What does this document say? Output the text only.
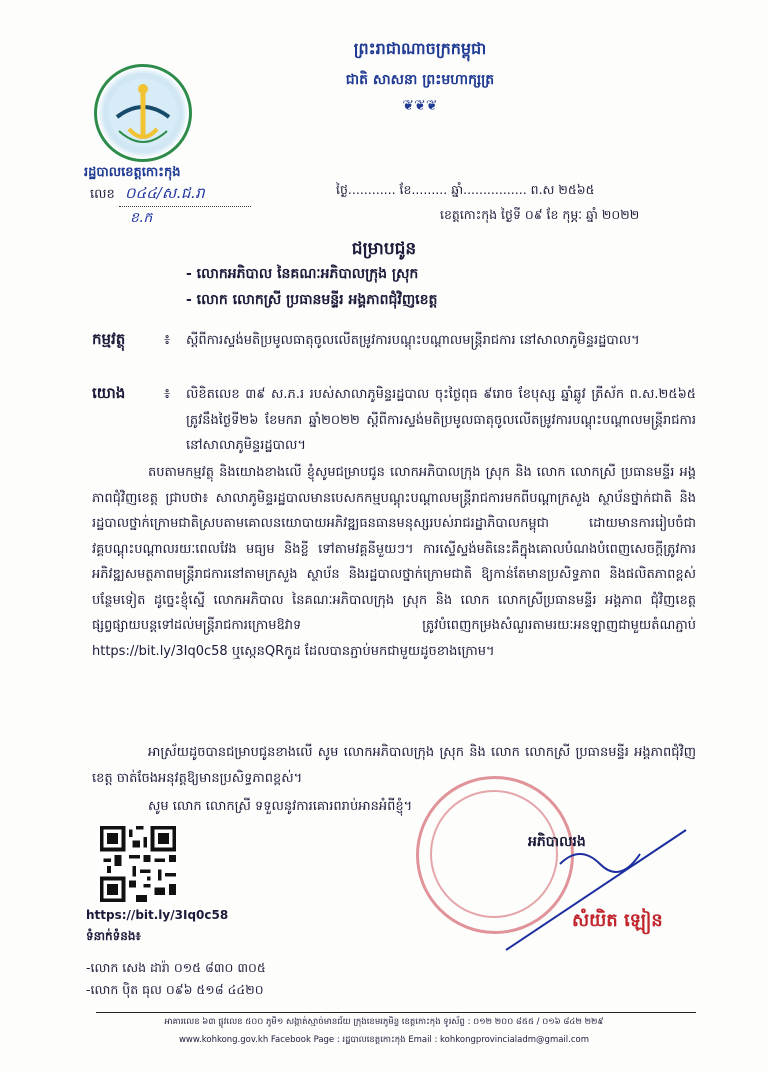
ព្រះរាជាណាចក្រកម្ពុជា
ជាតិ សាសនា ព្រះមហាក្សត្រ
❦❦❦
រដ្ឋបាលខេត្តកោះកុង
លេខ ០៤៤/ស.ជ.រា
ខ.ក
ថ្ងៃ............ ខែ......... ឆ្នាំ................ ព.ស ២៥៦៥
ខេត្តកោះកុង ថ្ងៃទី ០៩ ខែ កុម្ភៈ ឆ្នាំ ២០២២
ជម្រាបជូន
- លោកអភិបាល នៃគណៈអភិបាលក្រុង ស្រុក
- លោក លោកស្រី ប្រធានមន្ទីរ អង្គភាពជុំវិញខេត្ត
កម្មវត្ថុ	៖ ស្តីពីការស្ទង់មតិប្រមូលធាតុចូលលើតម្រូវការបណ្តុះបណ្តាលមន្ត្រីរាជការ នៅសាលាភូមិន្ទរដ្ឋបាល។
យោង	៖ លិខិតលេខ ៣៩ ស.ភ.រ របស់សាលាភូមិន្ទរដ្ឋបាល ចុះថ្ងៃពុធ ៩រោច ខែបុស្ស ឆ្នាំឆ្លូវ ត្រីស័ក ព.ស.២៥៦៥ ត្រូវនឹងថ្ងៃទី២៦ ខែមករា ឆ្នាំ២០២២ ស្តីពីការស្ទង់មតិប្រមូលធាតុចូលលើតម្រូវការបណ្តុះបណ្តាលមន្ត្រីរាជការ នៅសាលាភូមិន្ទរដ្ឋបាល។
តបតាមកម្មវត្ថុ និងយោងខាងលើ ខ្ញុំសូមជម្រាបជូន លោកអភិបាលក្រុង ស្រុក និង លោក លោកស្រី ប្រធានមន្ទីរ អង្គភាពជុំវិញខេត្ត ជ្រាបថា៖ សាលាភូមិន្ទរដ្ឋបាលមានបេសកកម្មបណ្តុះបណ្តាលមន្ត្រីរាជការមកពីបណ្តាក្រសួង ស្ថាប័នថ្នាក់ជាតិ និងរដ្ឋបាលថ្នាក់ក្រោមជាតិស្របតាមគោលនយោបាយអភិវឌ្ឍធនធានមនុស្សរបស់រាជរដ្ឋាភិបាលកម្ពុជា ដោយមានការរៀបចំជាវគ្គបណ្តុះបណ្តាលរយៈពេលវែង មធ្យម និងខ្លី ទៅតាមវគ្គនីមួយៗ។ ការស្ទើស្ទង់មតិនេះគឺក្នុងគោលបំណងបំពេញសេចក្តីត្រូវការអភិវឌ្ឍសមត្ថភាពមន្ត្រីរាជការនៅតាមក្រសួង ស្ថាប័ន និងរដ្ឋបាលថ្នាក់ក្រោមជាតិ ឱ្យកាន់តែមានប្រសិទ្ធភាព និងផលិតភាពខ្ពស់បន្ថែមទៀត ដូច្នេះខ្ញុំស្នើ លោកអភិបាល នៃគណៈអភិបាលក្រុង ស្រុក និង លោក លោកស្រីប្រធានមន្ទីរ អង្គភាព ជុំវិញខេត្ត ផ្សព្វផ្សាយបន្តទៅដល់មន្ត្រីរាជការក្រោមឱវាទ ត្រូវបំពេញកម្រងសំណួរតាមរយៈអនឡាញជាមួយតំណភ្ជាប់ https://bit.ly/3Iq0c58 ឬស្កេនQRកូដ ដែលបានភ្ជាប់មកជាមួយដូចខាងក្រោម។
អាស្រ័យដូចបានជម្រាបជូនខាងលើ សូម លោកអភិបាលក្រុង ស្រុក និង លោក លោកស្រី ប្រធានមន្ទីរ អង្គភាពជុំវិញខេត្ត ចាត់ចែងអនុវត្តឱ្យមានប្រសិទ្ធភាពខ្ពស់។
សូម លោក លោកស្រី ទទួលនូវការគោរពរាប់អានអំពីខ្ញុំ។
អភិបាលរង
សំយិត ឡៀន
https://bit.ly/3Iq0c58
ទំនាក់ទំនង៖
-លោក សេង ដារ៉ា ០១៥ ៨៣០ ៣០៥
-លោក ប៉ិត ធុល ០៩៦ ៥១៨ ៤៤២០
អាគារលេខ ៦៣ ផ្លូវលេខ ៥០០ ភូមិ១ សង្កាត់ស្មាច់មានជ័យ ក្រុងខេមរភូមិន្ទ ខេត្តកោះកុង ទូរស័ព្ទ : ០១២ ២០០ ៨៥៥ / ០១៦ ៨៤២ ២២៩
www.kohkong.gov.kh Facebook Page : រដ្ឋបាលខេត្តកោះកុង Email : kohkongprovincialadm@gmail.com
